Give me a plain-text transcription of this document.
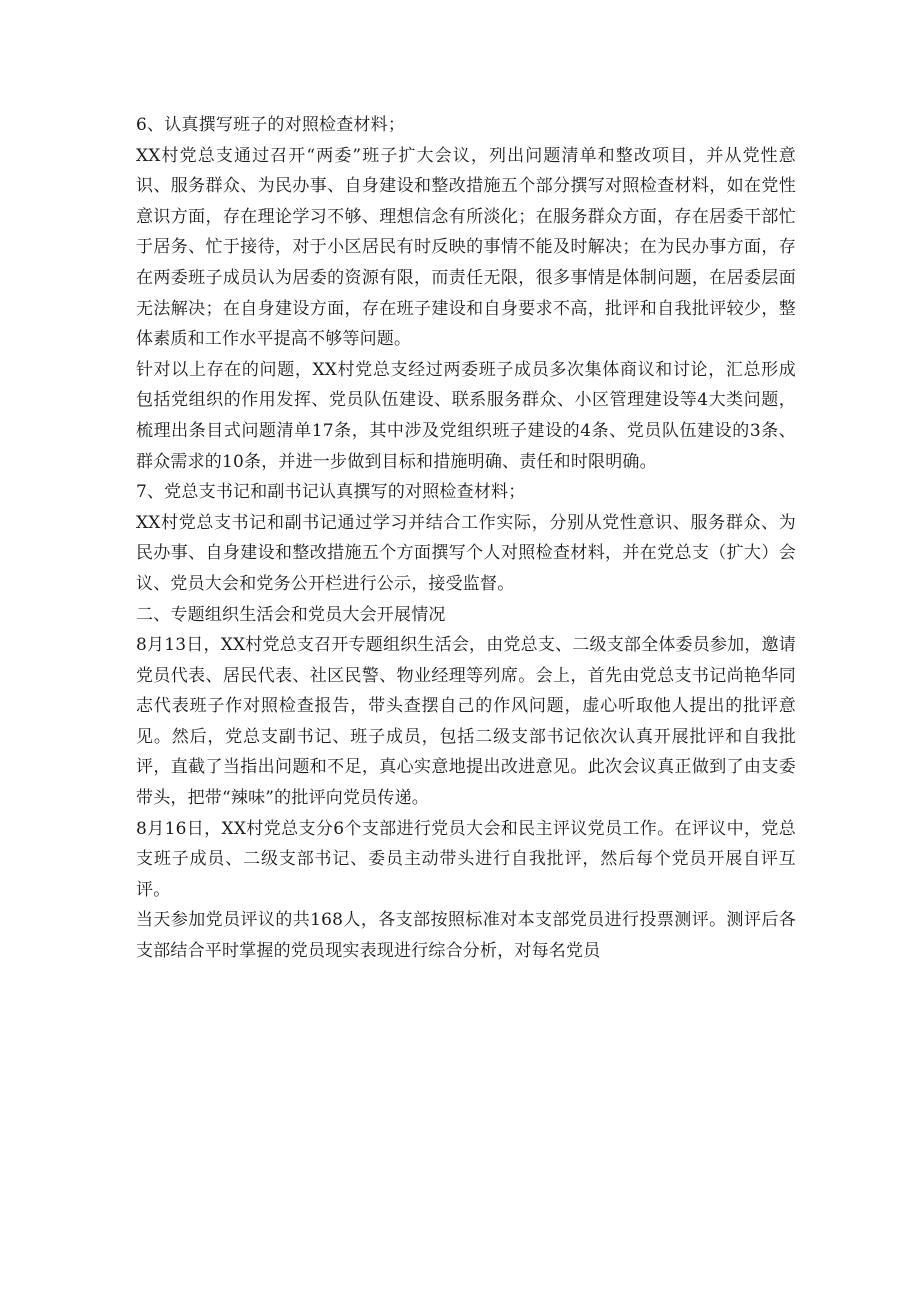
6、认真撰写班子的对照检查材料；

XX村党总支通过召开“两委”班子扩大会议，列出问题清单和整改项目，并从党性意识、服务群众、为民办事、自身建设和整改措施五个部分撰写对照检查材料，如在党性意识方面，存在理论学习不够、理想信念有所淡化；在服务群众方面，存在居委干部忙于居务、忙于接待，对于小区居民有时反映的事情不能及时解决；在为民办事方面，存在两委班子成员认为居委的资源有限，而责任无限，很多事情是体制问题，在居委层面无法解决；在自身建设方面，存在班子建设和自身要求不高，批评和自我批评较少，整体素质和工作水平提高不够等问题。

针对以上存在的问题，XX村党总支经过两委班子成员多次集体商议和讨论，汇总形成包括党组织的作用发挥、党员队伍建设、联系服务群众、小区管理建设等4大类问题，梳理出条目式问题清单17条，其中涉及党组织班子建设的4条、党员队伍建设的3条、群众需求的10条，并进一步做到目标和措施明确、责任和时限明确。

7、党总支书记和副书记认真撰写的对照检查材料；

XX村党总支书记和副书记通过学习并结合工作实际，分别从党性意识、服务群众、为民办事、自身建设和整改措施五个方面撰写个人对照检查材料，并在党总支（扩大）会议、党员大会和党务公开栏进行公示，接受监督。

二、专题组织生活会和党员大会开展情况

8月13日，XX村党总支召开专题组织生活会，由党总支、二级支部全体委员参加，邀请党员代表、居民代表、社区民警、物业经理等列席。会上，首先由党总支书记尚艳华同志代表班子作对照检查报告，带头查摆自己的作风问题，虚心听取他人提出的批评意见。然后，党总支副书记、班子成员，包括二级支部书记依次认真开展批评和自我批评，直截了当指出问题和不足，真心实意地提出改进意见。此次会议真正做到了由支委带头，把带“辣味”的批评向党员传递。

8月16日，XX村党总支分6个支部进行党员大会和民主评议党员工作。在评议中，党总支班子成员、二级支部书记、委员主动带头进行自我批评，然后每个党员开展自评互评。

当天参加党员评议的共168人，各支部按照标准对本支部党员进行投票测评。测评后各支部结合平时掌握的党员现实表现进行综合分析，对每名党员
